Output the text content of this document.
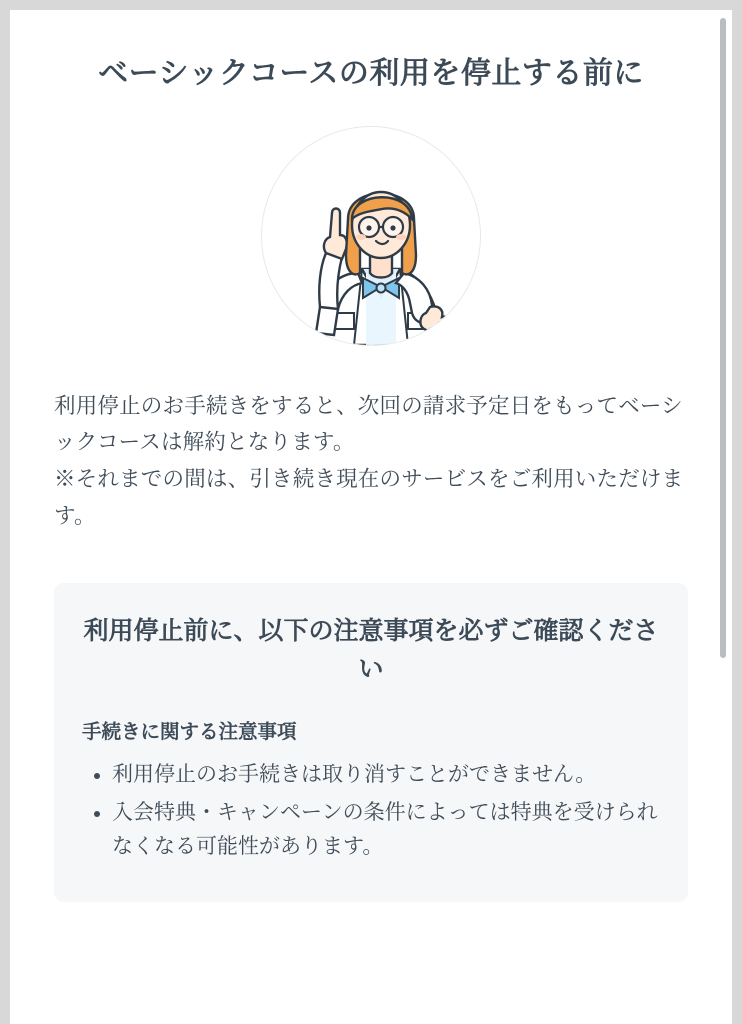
ベーシックコースの利用を停止する前に

利用停止のお手続きをすると、次回の請求予定日をもってベーシックコースは解約となります。

※それまでの間は、引き続き現在のサービスをご利用いただけます。

利用停止前に、以下の注意事項を必ずご確認ください
手続きに関する注意事項
• 利用停止のお手続きは取り消すことができません。
• 入会特典・キャンペーンの条件によっては特典を受けられなくなる可能性があります。
